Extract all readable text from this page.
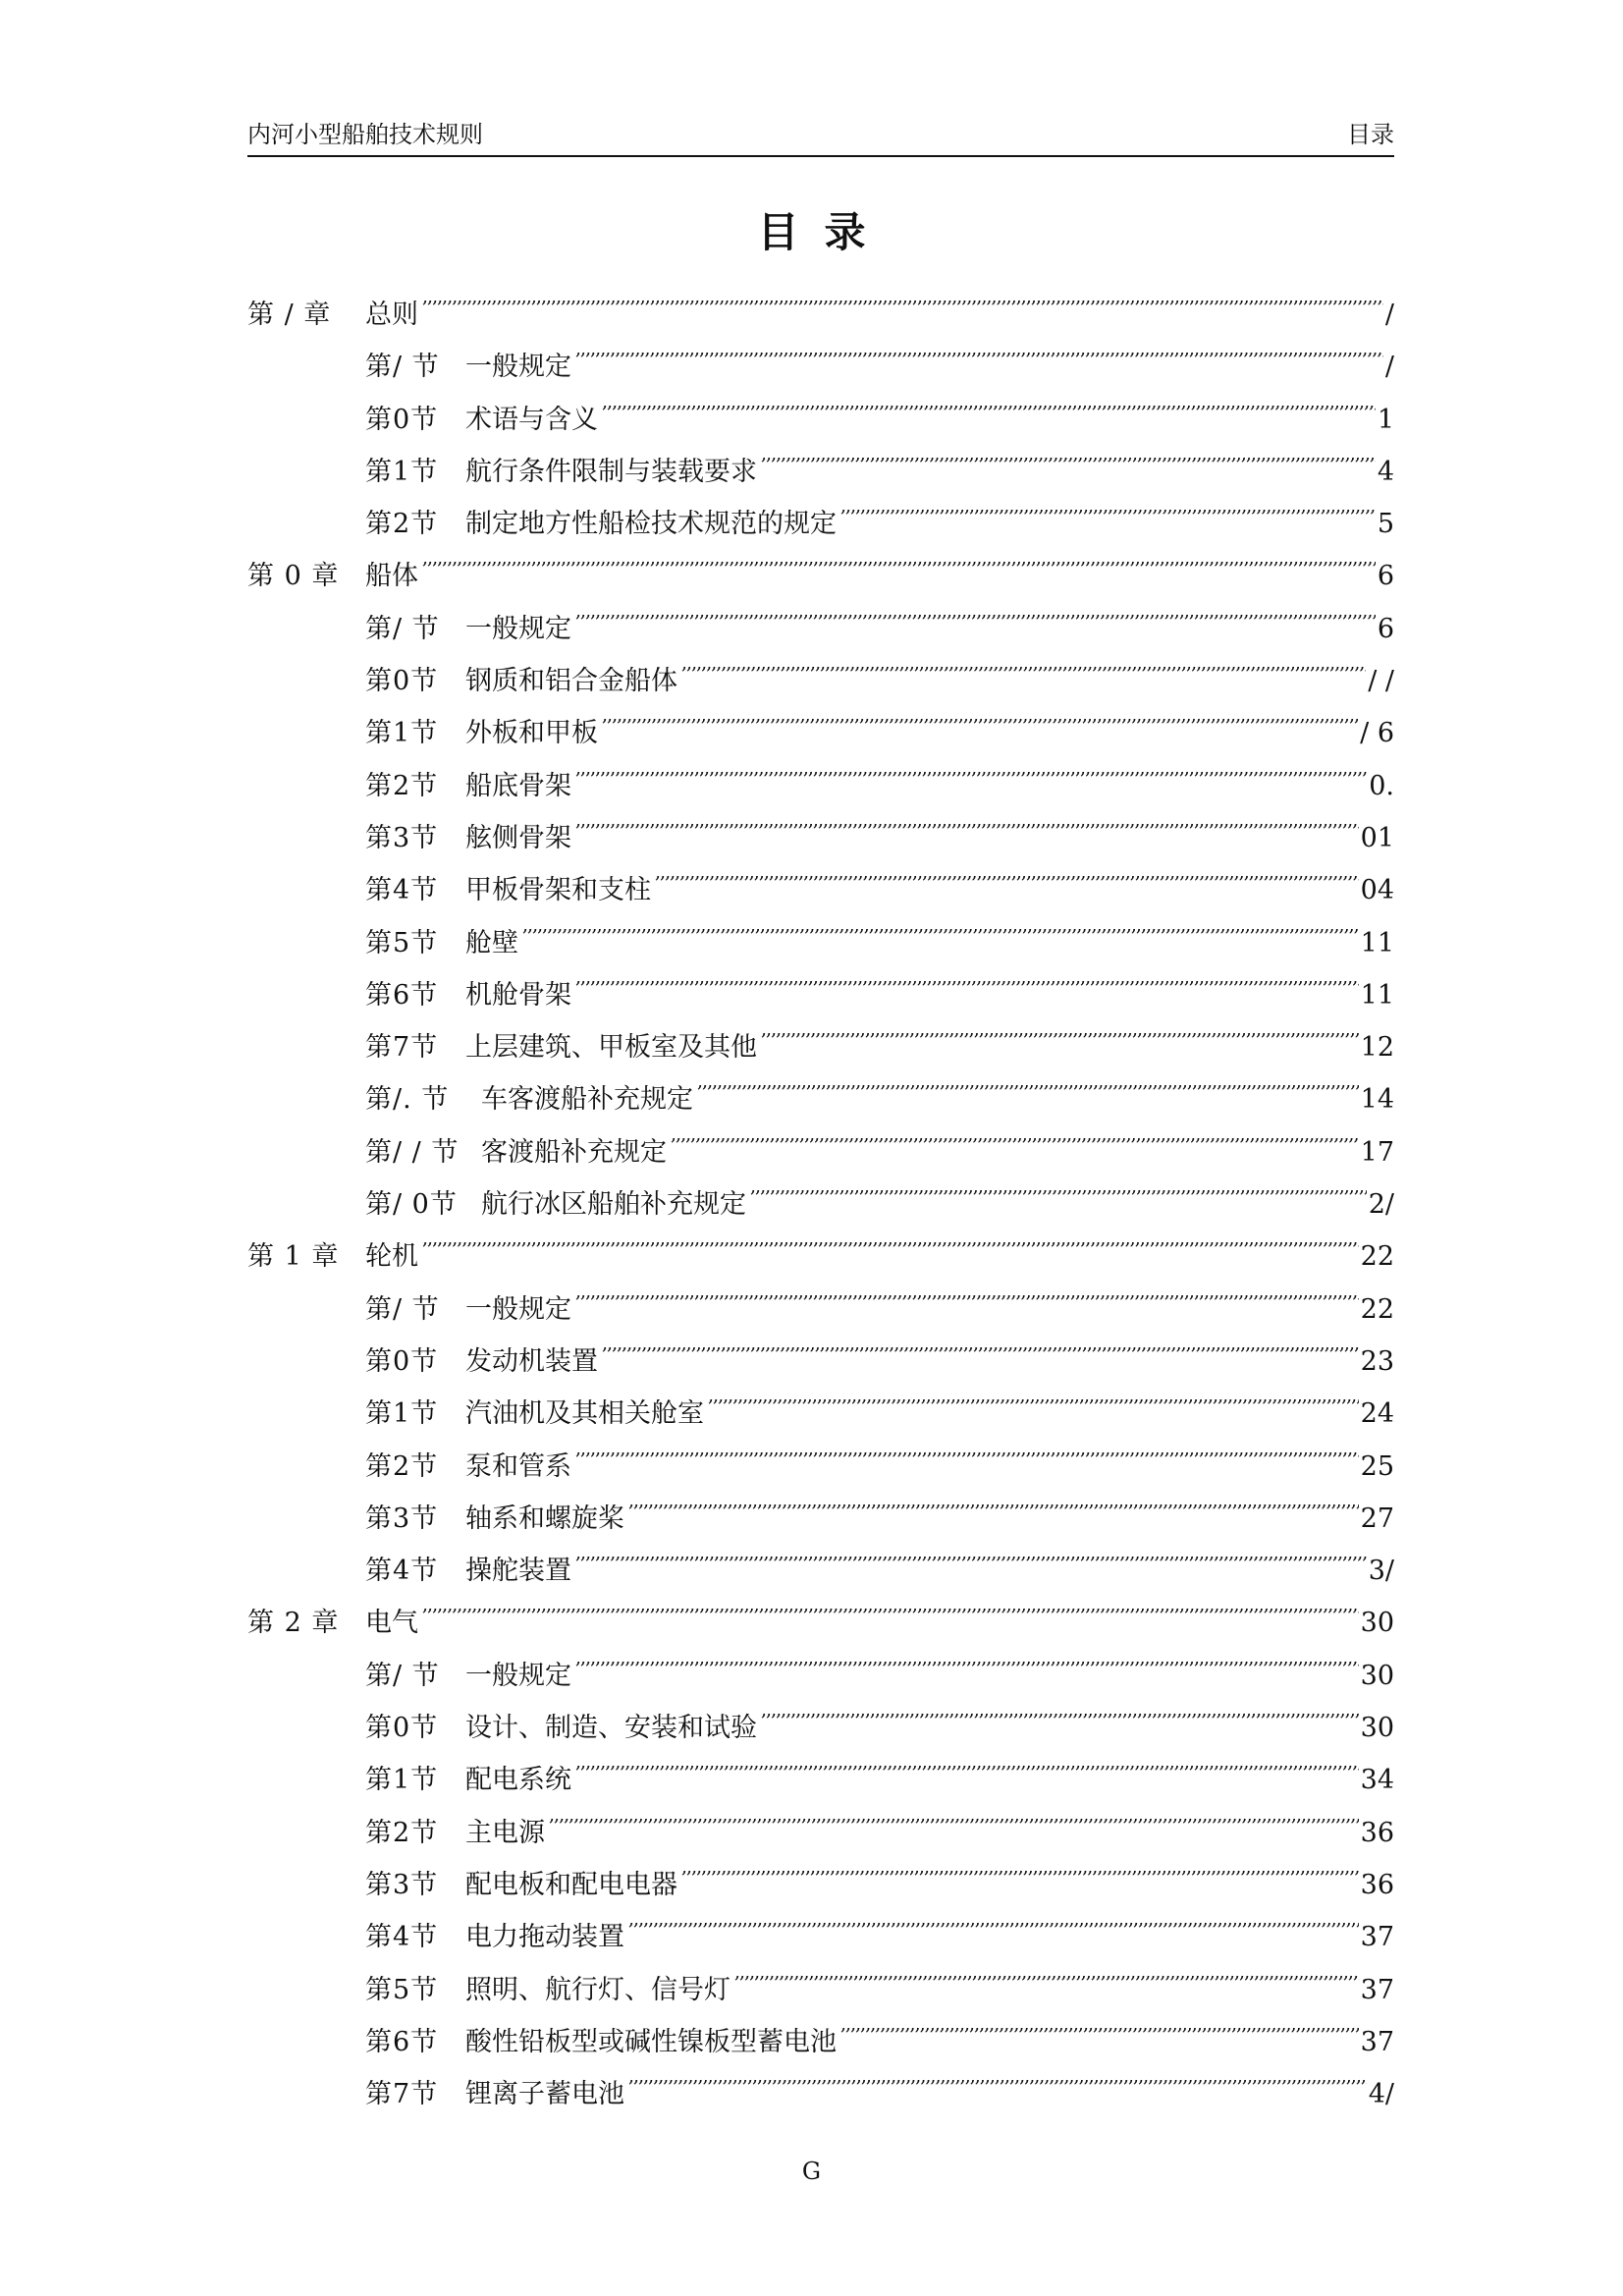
内河小型船舶技术规则	目录
目录
第 / 章	总则 ,,,,,,,,,,,,,,,,,,,,,,,,,,,,,,,,,,,,,,,,,,,,,,,,,,,,,,,,,,,,,,,,,,,,,,,,,,,,,,,,,,,,,,,,,,,,,,,,,,,,,,,,,,,,,,,,,,,,,,,,,,,,,,,,,,,,,,,,,,,,,,,,,,,,,,,,,,,,,,,,,,,,,,,,,,,,,,,,,,,,,,,,,,,,,,,,,,,,,,,,,,,,,,,,,,,,,,,,,,,,,,,,,	/
第/ 节 一般规定 ,,,,,,,,,,,,,,,,,,,,,,,,,,,,,,,,,,,,,,,,,,,,,,,,,,,,,,,,,,,,,,,,,,,,,,,,,,,,,,,,,,,,,,,,,,,,,,,,,,,,,,,,,,,,,,,,,,,,,,,,,,,,,,,,,,,,,,,,,,,,,,,,,,,,,,,,,,,,,,,,,,,,,,,,,,,,,,,,,,,,,,,,,,,,,,,,,,,,,,,,,,,,,,,,,,,,,,,,,,,,,,,,,	/
第0节	术语与含义 ,,,,,,,,,,,,,,,,,,,,,,,,,,,,,,,,,,,,,,,,,,,,,,,,,,,,,,,,,,,,,,,,,,,,,,,,,,,,,,,,,,,,,,,,,,,,,,,,,,,,,,,,,,,,,,,,,,,,,,,,,,,,,,,,,,,,,,,,,,,,,,,,,,,,,,,,,,,,,,,,,,,,,,,,,,,,,,,,,,,,,,,,,,,,,,,,,,,,,,,,,,,,,,,,,,,,,,,,,,,,,,,,,	1
第1节	航行条件限制与装载要求 ,,,,,,,,,,,,,,,,,,,,,,,,,,,,,,,,,,,,,,,,,,,,,,,,,,,,,,,,,,,,,,,,,,,,,,,,,,,,,,,,,,,,,,,,,,,,,,,,,,,,,,,,,,,,,,,,,,,,,,,,,,,,,,,,,,,,,,,,,,,,,,,,,,,,,,,,,,,,,,,,,,,,,,,,,,,,,,,,,,,,,,,,,,,,,,,,,,,,,,,,,,,,,,,,,,,,,,,,,,,,,,,,,	4
第2节	制定地方性船检技术规范的规定 ,,,,,,,,,,,,,,,,,,,,,,,,,,,,,,,,,,,,,,,,,,,,,,,,,,,,,,,,,,,,,,,,,,,,,,,,,,,,,,,,,,,,,,,,,,,,,,,,,,,,,,,,,,,,,,,,,,,,,,,,,,,,,,,,,,,,,,,,,,,,,,,,,,,,,,,,,,,,,,,,,,,,,,,,,,,,,,,,,,,,,,,,,,,,,,,,,,,,,,,,,,,,,,,,,,,,,,,,,,,,,,,,,	5
第 0 章 船体 ,,,,,,,,,,,,,,,,,,,,,,,,,,,,,,,,,,,,,,,,,,,,,,,,,,,,,,,,,,,,,,,,,,,,,,,,,,,,,,,,,,,,,,,,,,,,,,,,,,,,,,,,,,,,,,,,,,,,,,,,,,,,,,,,,,,,,,,,,,,,,,,,,,,,,,,,,,,,,,,,,,,,,,,,,,,,,,,,,,,,,,,,,,,,,,,,,,,,,,,,,,,,,,,,,,,,,,,,,,,,,,,,,	6
第/ 节 一般规定 ,,,,,,,,,,,,,,,,,,,,,,,,,,,,,,,,,,,,,,,,,,,,,,,,,,,,,,,,,,,,,,,,,,,,,,,,,,,,,,,,,,,,,,,,,,,,,,,,,,,,,,,,,,,,,,,,,,,,,,,,,,,,,,,,,,,,,,,,,,,,,,,,,,,,,,,,,,,,,,,,,,,,,,,,,,,,,,,,,,,,,,,,,,,,,,,,,,,,,,,,,,,,,,,,,,,,,,,,,,,,,,,,,	6
第0节	钢质和铝合金船体 ,,,,,,,,,,,,,,,,,,,,,,,,,,,,,,,,,,,,,,,,,,,,,,,,,,,,,,,,,,,,,,,,,,,,,,,,,,,,,,,,,,,,,,,,,,,,,,,,,,,,,,,,,,,,,,,,,,,,,,,,,,,,,,,,,,,,,,,,,,,,,,,,,,,,,,,,,,,,,,,,,,,,,,,,,,,,,,,,,,,,,,,,,,,,,,,,,,,,,,,,,,,,,,,,,,,,,,,,,,,,,,,,,	/ /
第1节	外板和甲板 ,,,,,,,,,,,,,,,,,,,,,,,,,,,,,,,,,,,,,,,,,,,,,,,,,,,,,,,,,,,,,,,,,,,,,,,,,,,,,,,,,,,,,,,,,,,,,,,,,,,,,,,,,,,,,,,,,,,,,,,,,,,,,,,,,,,,,,,,,,,,,,,,,,,,,,,,,,,,,,,,,,,,,,,,,,,,,,,,,,,,,,,,,,,,,,,,,,,,,,,,,,,,,,,,,,,,,,,,,,,,,,,,,	/ 6
第2节	船底骨架 ,,,,,,,,,,,,,,,,,,,,,,,,,,,,,,,,,,,,,,,,,,,,,,,,,,,,,,,,,,,,,,,,,,,,,,,,,,,,,,,,,,,,,,,,,,,,,,,,,,,,,,,,,,,,,,,,,,,,,,,,,,,,,,,,,,,,,,,,,,,,,,,,,,,,,,,,,,,,,,,,,,,,,,,,,,,,,,,,,,,,,,,,,,,,,,,,,,,,,,,,,,,,,,,,,,,,,,,,,,,,,,,,,	0.
第3节	舷侧骨架 ,,,,,,,,,,,,,,,,,,,,,,,,,,,,,,,,,,,,,,,,,,,,,,,,,,,,,,,,,,,,,,,,,,,,,,,,,,,,,,,,,,,,,,,,,,,,,,,,,,,,,,,,,,,,,,,,,,,,,,,,,,,,,,,,,,,,,,,,,,,,,,,,,,,,,,,,,,,,,,,,,,,,,,,,,,,,,,,,,,,,,,,,,,,,,,,,,,,,,,,,,,,,,,,,,,,,,,,,,,,,,,,,,	01
第4节	甲板骨架和支柱 ,,,,,,,,,,,,,,,,,,,,,,,,,,,,,,,,,,,,,,,,,,,,,,,,,,,,,,,,,,,,,,,,,,,,,,,,,,,,,,,,,,,,,,,,,,,,,,,,,,,,,,,,,,,,,,,,,,,,,,,,,,,,,,,,,,,,,,,,,,,,,,,,,,,,,,,,,,,,,,,,,,,,,,,,,,,,,,,,,,,,,,,,,,,,,,,,,,,,,,,,,,,,,,,,,,,,,,,,,,,,,,,,,	04
第5节	舱壁 ,,,,,,,,,,,,,,,,,,,,,,,,,,,,,,,,,,,,,,,,,,,,,,,,,,,,,,,,,,,,,,,,,,,,,,,,,,,,,,,,,,,,,,,,,,,,,,,,,,,,,,,,,,,,,,,,,,,,,,,,,,,,,,,,,,,,,,,,,,,,,,,,,,,,,,,,,,,,,,,,,,,,,,,,,,,,,,,,,,,,,,,,,,,,,,,,,,,,,,,,,,,,,,,,,,,,,,,,,,,,,,,,,	11
第6节	机舱骨架 ,,,,,,,,,,,,,,,,,,,,,,,,,,,,,,,,,,,,,,,,,,,,,,,,,,,,,,,,,,,,,,,,,,,,,,,,,,,,,,,,,,,,,,,,,,,,,,,,,,,,,,,,,,,,,,,,,,,,,,,,,,,,,,,,,,,,,,,,,,,,,,,,,,,,,,,,,,,,,,,,,,,,,,,,,,,,,,,,,,,,,,,,,,,,,,,,,,,,,,,,,,,,,,,,,,,,,,,,,,,,,,,,,	11
第7节	上层建筑、甲板室及其他 ,,,,,,,,,,,,,,,,,,,,,,,,,,,,,,,,,,,,,,,,,,,,,,,,,,,,,,,,,,,,,,,,,,,,,,,,,,,,,,,,,,,,,,,,,,,,,,,,,,,,,,,,,,,,,,,,,,,,,,,,,,,,,,,,,,,,,,,,,,,,,,,,,,,,,,,,,,,,,,,,,,,,,,,,,,,,,,,,,,,,,,,,,,,,,,,,,,,,,,,,,,,,,,,,,,,,,,,,,,,,,,,,,	12
第/. 节	车客渡船补充规定 ,,,,,,,,,,,,,,,,,,,,,,,,,,,,,,,,,,,,,,,,,,,,,,,,,,,,,,,,,,,,,,,,,,,,,,,,,,,,,,,,,,,,,,,,,,,,,,,,,,,,,,,,,,,,,,,,,,,,,,,,,,,,,,,,,,,,,,,,,,,,,,,,,,,,,,,,,,,,,,,,,,,,,,,,,,,,,,,,,,,,,,,,,,,,,,,,,,,,,,,,,,,,,,,,,,,,,,,,,,,,,,,,,	14
第/ / 节 客渡船补充规定 ,,,,,,,,,,,,,,,,,,,,,,,,,,,,,,,,,,,,,,,,,,,,,,,,,,,,,,,,,,,,,,,,,,,,,,,,,,,,,,,,,,,,,,,,,,,,,,,,,,,,,,,,,,,,,,,,,,,,,,,,,,,,,,,,,,,,,,,,,,,,,,,,,,,,,,,,,,,,,,,,,,,,,,,,,,,,,,,,,,,,,,,,,,,,,,,,,,,,,,,,,,,,,,,,,,,,,,,,,,,,,,,,,	17
第/ 0节 航行冰区船舶补充规定 ,,,,,,,,,,,,,,,,,,,,,,,,,,,,,,,,,,,,,,,,,,,,,,,,,,,,,,,,,,,,,,,,,,,,,,,,,,,,,,,,,,,,,,,,,,,,,,,,,,,,,,,,,,,,,,,,,,,,,,,,,,,,,,,,,,,,,,,,,,,,,,,,,,,,,,,,,,,,,,,,,,,,,,,,,,,,,,,,,,,,,,,,,,,,,,,,,,,,,,,,,,,,,,,,,,,,,,,,,,,,,,,,,	2/
第 1 章 轮机 ,,,,,,,,,,,,,,,,,,,,,,,,,,,,,,,,,,,,,,,,,,,,,,,,,,,,,,,,,,,,,,,,,,,,,,,,,,,,,,,,,,,,,,,,,,,,,,,,,,,,,,,,,,,,,,,,,,,,,,,,,,,,,,,,,,,,,,,,,,,,,,,,,,,,,,,,,,,,,,,,,,,,,,,,,,,,,,,,,,,,,,,,,,,,,,,,,,,,,,,,,,,,,,,,,,,,,,,,,,,,,,,,,	22
第/ 节 一般规定 ,,,,,,,,,,,,,,,,,,,,,,,,,,,,,,,,,,,,,,,,,,,,,,,,,,,,,,,,,,,,,,,,,,,,,,,,,,,,,,,,,,,,,,,,,,,,,,,,,,,,,,,,,,,,,,,,,,,,,,,,,,,,,,,,,,,,,,,,,,,,,,,,,,,,,,,,,,,,,,,,,,,,,,,,,,,,,,,,,,,,,,,,,,,,,,,,,,,,,,,,,,,,,,,,,,,,,,,,,,,,,,,,,	22
第0节	发动机装置 ,,,,,,,,,,,,,,,,,,,,,,,,,,,,,,,,,,,,,,,,,,,,,,,,,,,,,,,,,,,,,,,,,,,,,,,,,,,,,,,,,,,,,,,,,,,,,,,,,,,,,,,,,,,,,,,,,,,,,,,,,,,,,,,,,,,,,,,,,,,,,,,,,,,,,,,,,,,,,,,,,,,,,,,,,,,,,,,,,,,,,,,,,,,,,,,,,,,,,,,,,,,,,,,,,,,,,,,,,,,,,,,,,	23
第1节	汽油机及其相关舱室 ,,,,,,,,,,,,,,,,,,,,,,,,,,,,,,,,,,,,,,,,,,,,,,,,,,,,,,,,,,,,,,,,,,,,,,,,,,,,,,,,,,,,,,,,,,,,,,,,,,,,,,,,,,,,,,,,,,,,,,,,,,,,,,,,,,,,,,,,,,,,,,,,,,,,,,,,,,,,,,,,,,,,,,,,,,,,,,,,,,,,,,,,,,,,,,,,,,,,,,,,,,,,,,,,,,,,,,,,,,,,,,,,,	24
第2节	泵和管系 ,,,,,,,,,,,,,,,,,,,,,,,,,,,,,,,,,,,,,,,,,,,,,,,,,,,,,,,,,,,,,,,,,,,,,,,,,,,,,,,,,,,,,,,,,,,,,,,,,,,,,,,,,,,,,,,,,,,,,,,,,,,,,,,,,,,,,,,,,,,,,,,,,,,,,,,,,,,,,,,,,,,,,,,,,,,,,,,,,,,,,,,,,,,,,,,,,,,,,,,,,,,,,,,,,,,,,,,,,,,,,,,,,	25
第3节	轴系和螺旋桨 ,,,,,,,,,,,,,,,,,,,,,,,,,,,,,,,,,,,,,,,,,,,,,,,,,,,,,,,,,,,,,,,,,,,,,,,,,,,,,,,,,,,,,,,,,,,,,,,,,,,,,,,,,,,,,,,,,,,,,,,,,,,,,,,,,,,,,,,,,,,,,,,,,,,,,,,,,,,,,,,,,,,,,,,,,,,,,,,,,,,,,,,,,,,,,,,,,,,,,,,,,,,,,,,,,,,,,,,,,,,,,,,,,	27
第4节	操舵装置 ,,,,,,,,,,,,,,,,,,,,,,,,,,,,,,,,,,,,,,,,,,,,,,,,,,,,,,,,,,,,,,,,,,,,,,,,,,,,,,,,,,,,,,,,,,,,,,,,,,,,,,,,,,,,,,,,,,,,,,,,,,,,,,,,,,,,,,,,,,,,,,,,,,,,,,,,,,,,,,,,,,,,,,,,,,,,,,,,,,,,,,,,,,,,,,,,,,,,,,,,,,,,,,,,,,,,,,,,,,,,,,,,,	3/
第 2 章 电气 ,,,,,,,,,,,,,,,,,,,,,,,,,,,,,,,,,,,,,,,,,,,,,,,,,,,,,,,,,,,,,,,,,,,,,,,,,,,,,,,,,,,,,,,,,,,,,,,,,,,,,,,,,,,,,,,,,,,,,,,,,,,,,,,,,,,,,,,,,,,,,,,,,,,,,,,,,,,,,,,,,,,,,,,,,,,,,,,,,,,,,,,,,,,,,,,,,,,,,,,,,,,,,,,,,,,,,,,,,,,,,,,,,	30
第/ 节 一般规定 ,,,,,,,,,,,,,,,,,,,,,,,,,,,,,,,,,,,,,,,,,,,,,,,,,,,,,,,,,,,,,,,,,,,,,,,,,,,,,,,,,,,,,,,,,,,,,,,,,,,,,,,,,,,,,,,,,,,,,,,,,,,,,,,,,,,,,,,,,,,,,,,,,,,,,,,,,,,,,,,,,,,,,,,,,,,,,,,,,,,,,,,,,,,,,,,,,,,,,,,,,,,,,,,,,,,,,,,,,,,,,,,,,	30
第0节	设计、制造、安装和试验 ,,,,,,,,,,,,,,,,,,,,,,,,,,,,,,,,,,,,,,,,,,,,,,,,,,,,,,,,,,,,,,,,,,,,,,,,,,,,,,,,,,,,,,,,,,,,,,,,,,,,,,,,,,,,,,,,,,,,,,,,,,,,,,,,,,,,,,,,,,,,,,,,,,,,,,,,,,,,,,,,,,,,,,,,,,,,,,,,,,,,,,,,,,,,,,,,,,,,,,,,,,,,,,,,,,,,,,,,,,,,,,,,,	30
第1节	配电系统 ,,,,,,,,,,,,,,,,,,,,,,,,,,,,,,,,,,,,,,,,,,,,,,,,,,,,,,,,,,,,,,,,,,,,,,,,,,,,,,,,,,,,,,,,,,,,,,,,,,,,,,,,,,,,,,,,,,,,,,,,,,,,,,,,,,,,,,,,,,,,,,,,,,,,,,,,,,,,,,,,,,,,,,,,,,,,,,,,,,,,,,,,,,,,,,,,,,,,,,,,,,,,,,,,,,,,,,,,,,,,,,,,,	34
第2节	主电源 ,,,,,,,,,,,,,,,,,,,,,,,,,,,,,,,,,,,,,,,,,,,,,,,,,,,,,,,,,,,,,,,,,,,,,,,,,,,,,,,,,,,,,,,,,,,,,,,,,,,,,,,,,,,,,,,,,,,,,,,,,,,,,,,,,,,,,,,,,,,,,,,,,,,,,,,,,,,,,,,,,,,,,,,,,,,,,,,,,,,,,,,,,,,,,,,,,,,,,,,,,,,,,,,,,,,,,,,,,,,,,,,,,	36
第3节	配电板和配电电器 ,,,,,,,,,,,,,,,,,,,,,,,,,,,,,,,,,,,,,,,,,,,,,,,,,,,,,,,,,,,,,,,,,,,,,,,,,,,,,,,,,,,,,,,,,,,,,,,,,,,,,,,,,,,,,,,,,,,,,,,,,,,,,,,,,,,,,,,,,,,,,,,,,,,,,,,,,,,,,,,,,,,,,,,,,,,,,,,,,,,,,,,,,,,,,,,,,,,,,,,,,,,,,,,,,,,,,,,,,,,,,,,,,	36
第4节	电力拖动装置 ,,,,,,,,,,,,,,,,,,,,,,,,,,,,,,,,,,,,,,,,,,,,,,,,,,,,,,,,,,,,,,,,,,,,,,,,,,,,,,,,,,,,,,,,,,,,,,,,,,,,,,,,,,,,,,,,,,,,,,,,,,,,,,,,,,,,,,,,,,,,,,,,,,,,,,,,,,,,,,,,,,,,,,,,,,,,,,,,,,,,,,,,,,,,,,,,,,,,,,,,,,,,,,,,,,,,,,,,,,,,,,,,,	37
第5节	照明、航行灯、信号灯 ,,,,,,,,,,,,,,,,,,,,,,,,,,,,,,,,,,,,,,,,,,,,,,,,,,,,,,,,,,,,,,,,,,,,,,,,,,,,,,,,,,,,,,,,,,,,,,,,,,,,,,,,,,,,,,,,,,,,,,,,,,,,,,,,,,,,,,,,,,,,,,,,,,,,,,,,,,,,,,,,,,,,,,,,,,,,,,,,,,,,,,,,,,,,,,,,,,,,,,,,,,,,,,,,,,,,,,,,,,,,,,,,,	37
第6节	酸性铅板型或碱性镍板型蓄电池 ,,,,,,,,,,,,,,,,,,,,,,,,,,,,,,,,,,,,,,,,,,,,,,,,,,,,,,,,,,,,,,,,,,,,,,,,,,,,,,,,,,,,,,,,,,,,,,,,,,,,,,,,,,,,,,,,,,,,,,,,,,,,,,,,,,,,,,,,,,,,,,,,,,,,,,,,,,,,,,,,,,,,,,,,,,,,,,,,,,,,,,,,,,,,,,,,,,,,,,,,,,,,,,,,,,,,,,,,,,,,,,,,,	37
第7节	锂离子蓄电池 ,,,,,,,,,,,,,,,,,,,,,,,,,,,,,,,,,,,,,,,,,,,,,,,,,,,,,,,,,,,,,,,,,,,,,,,,,,,,,,,,,,,,,,,,,,,,,,,,,,,,,,,,,,,,,,,,,,,,,,,,,,,,,,,,,,,,,,,,,,,,,,,,,,,,,,,,,,,,,,,,,,,,,,,,,,,,,,,,,,,,,,,,,,,,,,,,,,,,,,,,,,,,,,,,,,,,,,,,,,,,,,,,,	4/
G
